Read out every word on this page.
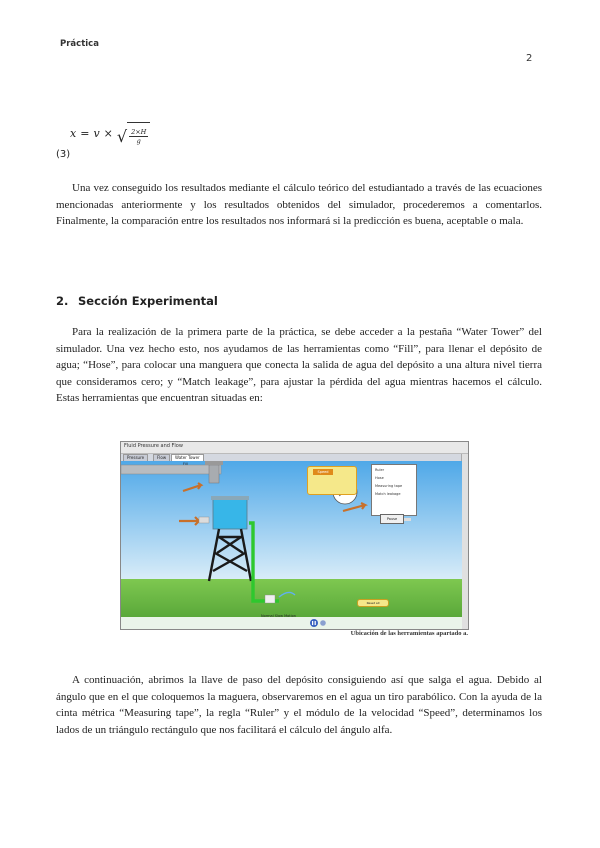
Práctica
2
x = v × √ $\frac{2\times H}{g}$
(3)

Una vez conseguido los resultados mediante el cálculo teórico del estudiantado a través de las ecuaciones mencionadas anteriormente y los resultados obtenidos del simulador, procederemos a comentarlos. Finalmente, la comparación entre los resultados nos informará si la predicción es buena, aceptable o mala.

2. Sección Experimental

Para la realización de la primera parte de la práctica, se debe acceder a la pestaña “Water Tower” del simulador. Una vez hecho esto, nos ayudamos de las herramientas como “Fill”, para llenar el depósito de agua; “Hose”, para colocar una manguera que conecta la salida de agua del depósito a una altura nivel tierra que consideramos cero; y “Match leakage”, para ajustar la pérdida del agua mientras hacemos el cálculo. Estas herramientas que encuentran situadas en:

Fluid Pressure and Flow
Pressure	Flow	Water Tower
Fill
Speed	Ruler
Hose
Measuring tape
Match leakage
Pause
Normal Slow Motion
Reset all
Ubicación de las herramientas apartado a.

A continuación, abrimos la llave de paso del depósito consiguiendo así que salga el agua. Debido al ángulo que en el que coloquemos la maguera, observaremos en el agua un tiro parabólico. Con la ayuda de la cinta métrica “Measuring tape”, la regla “Ruler” y el módulo de la velocidad “Speed”, determinamos los lados de un triángulo rectángulo que nos facilitará el cálculo del ángulo alfa.
